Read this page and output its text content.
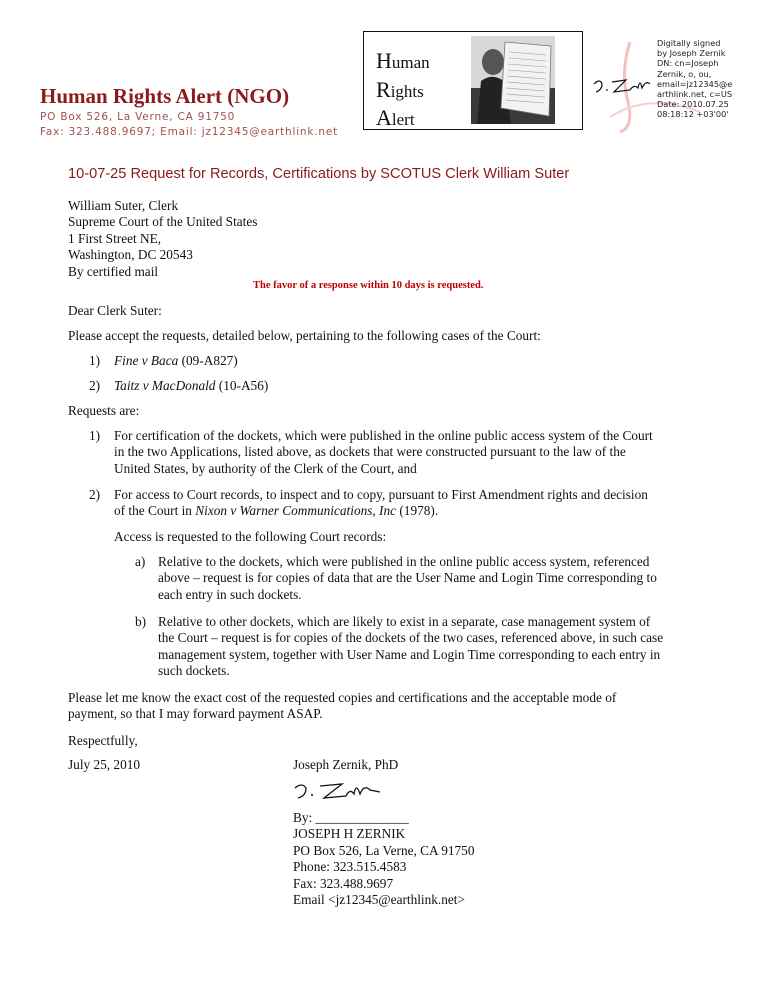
Human Rights Alert (NGO)
PO Box 526, La Verne, CA 91750
Fax: 323.488.9697; Email: jz12345@earthlink.net
Human
Rights
Alert
Digitally signed
by Joseph Zernik
DN: cn=Joseph
Zernik, o, ou,
email=jz12345@e
arthlink.net, c=US
Date: 2010.07.25
08:18:12 +03'00'
10-07-25 Request for Records, Certifications by SCOTUS Clerk William Suter
William Suter, Clerk
Supreme Court of the United States
1 First Street NE,
Washington, DC 20543
By certified mail
The favor of a response within 10 days is requested.
Dear Clerk Suter:
Please accept the requests, detailed below, pertaining to the following cases of the Court:
1) Fine v Baca (09-A827)
2) Taitz v MacDonald (10-A56)
Requests are:
1) For certification of the dockets, which were published in the online public access system of the Court
in the two Applications, listed above, as dockets that were constructed pursuant to the law of the
United States, by authority of the Clerk of the Court, and
2) For access to Court records, to inspect and to copy, pursuant to First Amendment rights and decision
of the Court in Nixon v Warner Communications, Inc (1978).
Access is requested to the following Court records:
a) Relative to the dockets, which were published in the online public access system, referenced
above – request is for copies of data that are the User Name and Login Time corresponding to
each entry in such dockets.
b) Relative to other dockets, which are likely to exist in a separate, case management system of
the Court – request is for copies of the dockets of the two cases, referenced above, in such case
management system, together with User Name and Login Time corresponding to each entry in
such dockets.
Please let me know the exact cost of the requested copies and certifications and the acceptable mode of
payment, so that I may forward payment ASAP.
Respectfully,
July 25, 2010	Joseph Zernik, PhD
By: ______________
JOSEPH H ZERNIK
PO Box 526, La Verne, CA 91750
Phone: 323.515.4583
Fax: 323.488.9697
Email <jz12345@earthlink.net>
